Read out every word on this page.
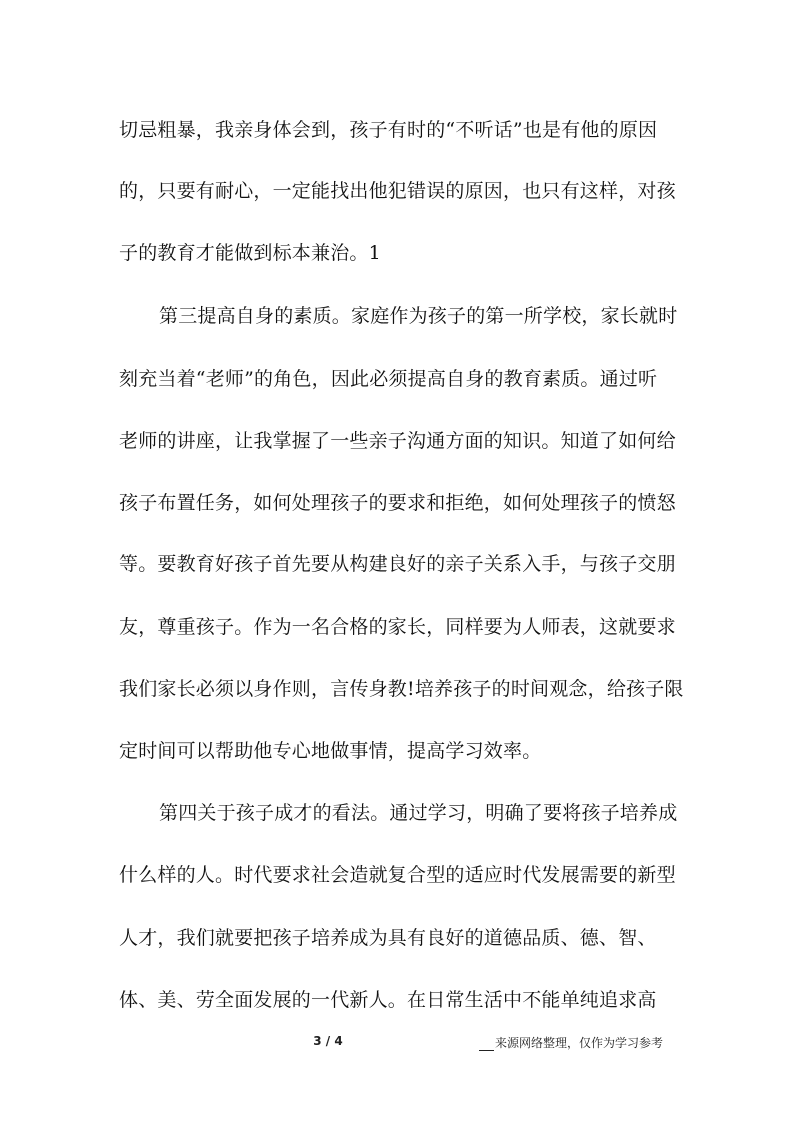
切忌粗暴，我亲身体会到，孩子有时的“不听话”也是有他的原因
的，只要有耐心，一定能找出他犯错误的原因，也只有这样，对孩
子的教育才能做到标本兼治。1
第三提高自身的素质。家庭作为孩子的第一所学校，家长就时
刻充当着“老师”的角色，因此必须提高自身的教育素质。通过听
老师的讲座，让我掌握了一些亲子沟通方面的知识。知道了如何给
孩子布置任务，如何处理孩子的要求和拒绝，如何处理孩子的愤怒
等。要教育好孩子首先要从构建良好的亲子关系入手，与孩子交朋
友，尊重孩子。作为一名合格的家长，同样要为人师表，这就要求
我们家长必须以身作则，言传身教!培养孩子的时间观念，给孩子限
定时间可以帮助他专心地做事情，提高学习效率。
第四关于孩子成才的看法。通过学习，明确了要将孩子培养成
什么样的人。时代要求社会造就复合型的适应时代发展需要的新型
人才，我们就要把孩子培养成为具有良好的道德品质、德、智、
体、美、劳全面发展的一代新人。在日常生活中不能单纯追求高
3 / 4	来源网络整理，仅作为学习参考
